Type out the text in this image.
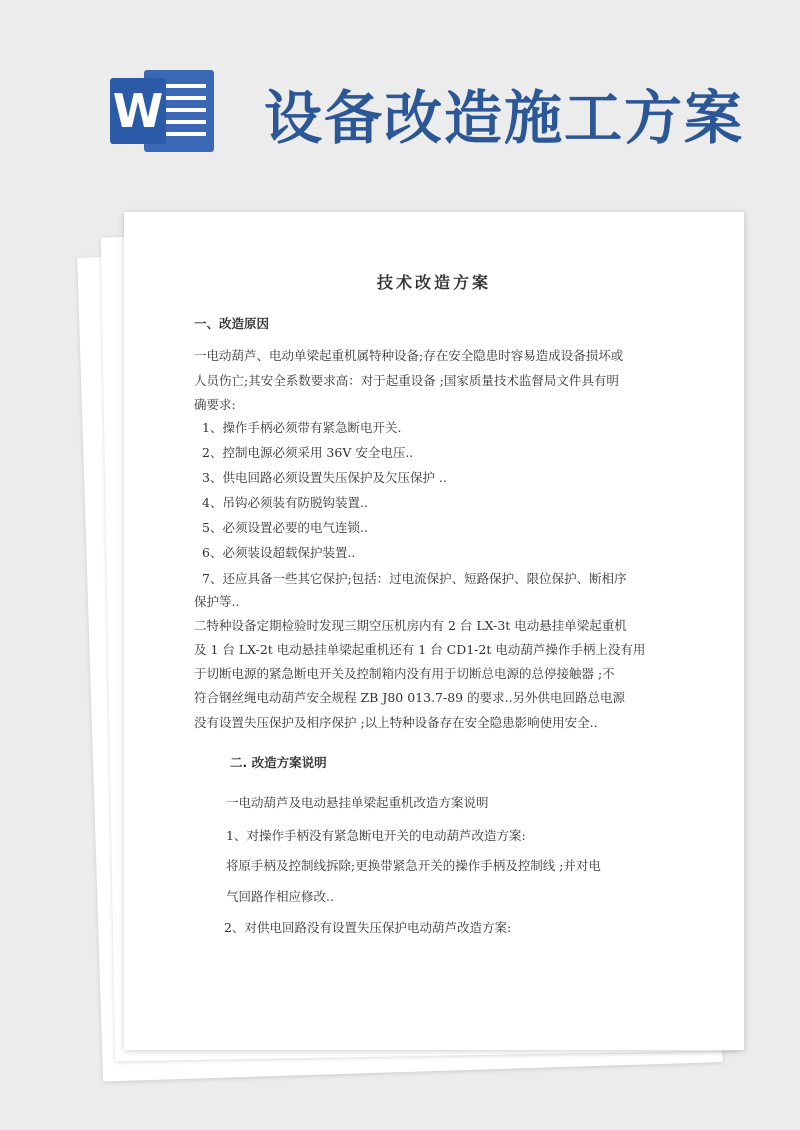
W 设备改造施工方案
技术改造方案
一、改造原因
一电动葫芦、电动单梁起重机属特种设备;存在安全隐患时容易造成设备损坏或
人员伤亡;其安全系数要求高：对于起重设备 ;国家质量技术监督局文件具有明
确要求:
1、操作手柄必须带有紧急断电开关.
2、控制电源必须采用 36V 安全电压..
3、供电回路必须设置失压保护及欠压保护 ..
4、吊钩必须装有防脱钩装置..
5、必须设置必要的电气连锁..
6、必须装设超载保护装置..
7、还应具备一些其它保护;包括：过电流保护、短路保护、限位保护、断相序
保护等..
二特种设备定期检验时发现三期空压机房内有 2 台 LX-3t 电动悬挂单梁起重机
及 1 台 LX-2t 电动悬挂单梁起重机还有 1 台 CD1-2t 电动葫芦操作手柄上没有用
于切断电源的紧急断电开关及控制箱内没有用于切断总电源的总停接触器 ;不
符合钢丝绳电动葫芦安全规程 ZB J80 013.7-89 的要求..另外供电回路总电源
没有设置失压保护及相序保护 ;以上特种设备存在安全隐患影响使用安全..
二. 改造方案说明
一电动葫芦及电动悬挂单梁起重机改造方案说明
1、对操作手柄没有紧急断电开关的电动葫芦改造方案:
将原手柄及控制线拆除;更换带紧急开关的操作手柄及控制线 ;并对电
气回路作相应修改..
2、对供电回路没有设置失压保护电动葫芦改造方案:
